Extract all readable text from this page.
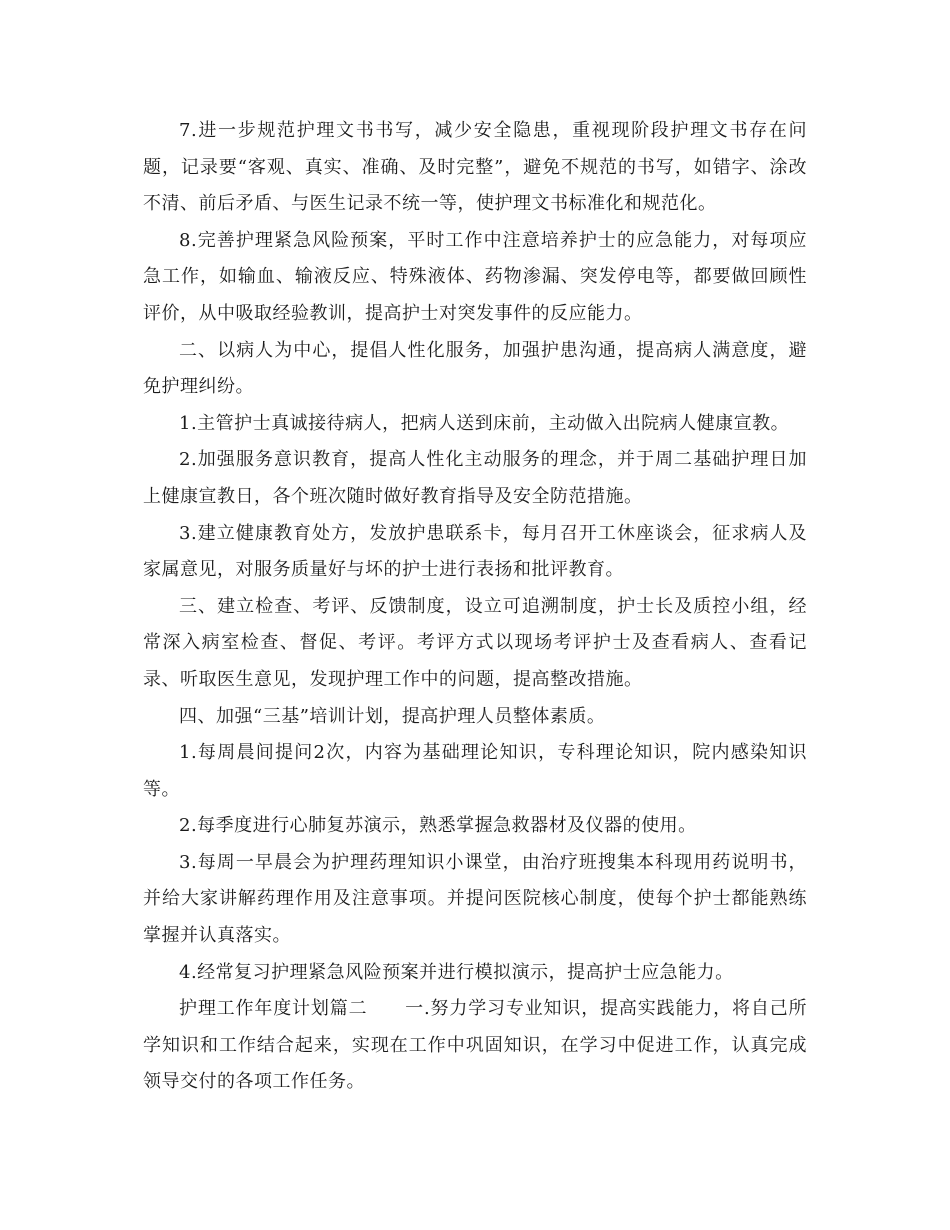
7.进一步规范护理文书书写，减少安全隐患，重视现阶段护理文书存在问题，记录要“客观、真实、准确、及时完整”，避免不规范的书写，如错字、涂改不清、前后矛盾、与医生记录不统一等，使护理文书标准化和规范化。

8.完善护理紧急风险预案，平时工作中注意培养护士的应急能力，对每项应急工作，如输血、输液反应、特殊液体、药物渗漏、突发停电等，都要做回顾性评价，从中吸取经验教训，提高护士对突发事件的反应能力。

二、以病人为中心，提倡人性化服务，加强护患沟通，提高病人满意度，避免护理纠纷。

1.主管护士真诚接待病人，把病人送到床前，主动做入出院病人健康宣教。

2.加强服务意识教育，提高人性化主动服务的理念，并于周二基础护理日加上健康宣教日，各个班次随时做好教育指导及安全防范措施。

3.建立健康教育处方，发放护患联系卡，每月召开工休座谈会，征求病人及家属意见，对服务质量好与坏的护士进行表扬和批评教育。

三、建立检查、考评、反馈制度，设立可追溯制度，护士长及质控小组，经常深入病室检查、督促、考评。考评方式以现场考评护士及查看病人、查看记录、听取医生意见，发现护理工作中的问题，提高整改措施。

四、加强“三基”培训计划，提高护理人员整体素质。

1.每周晨间提问2次，内容为基础理论知识，专科理论知识，院内感染知识等。

2.每季度进行心肺复苏演示，熟悉掌握急救器材及仪器的使用。

3.每周一早晨会为护理药理知识小课堂，由治疗班搜集本科现用药说明书，并给大家讲解药理作用及注意事项。并提问医院核心制度，使每个护士都能熟练掌握并认真落实。

4.经常复习护理紧急风险预案并进行模拟演示，提高护士应急能力。

护理工作年度计划篇二　　一.努力学习专业知识，提高实践能力，将自己所学知识和工作结合起来，实现在工作中巩固知识，在学习中促进工作，认真完成领导交付的各项工作任务。
